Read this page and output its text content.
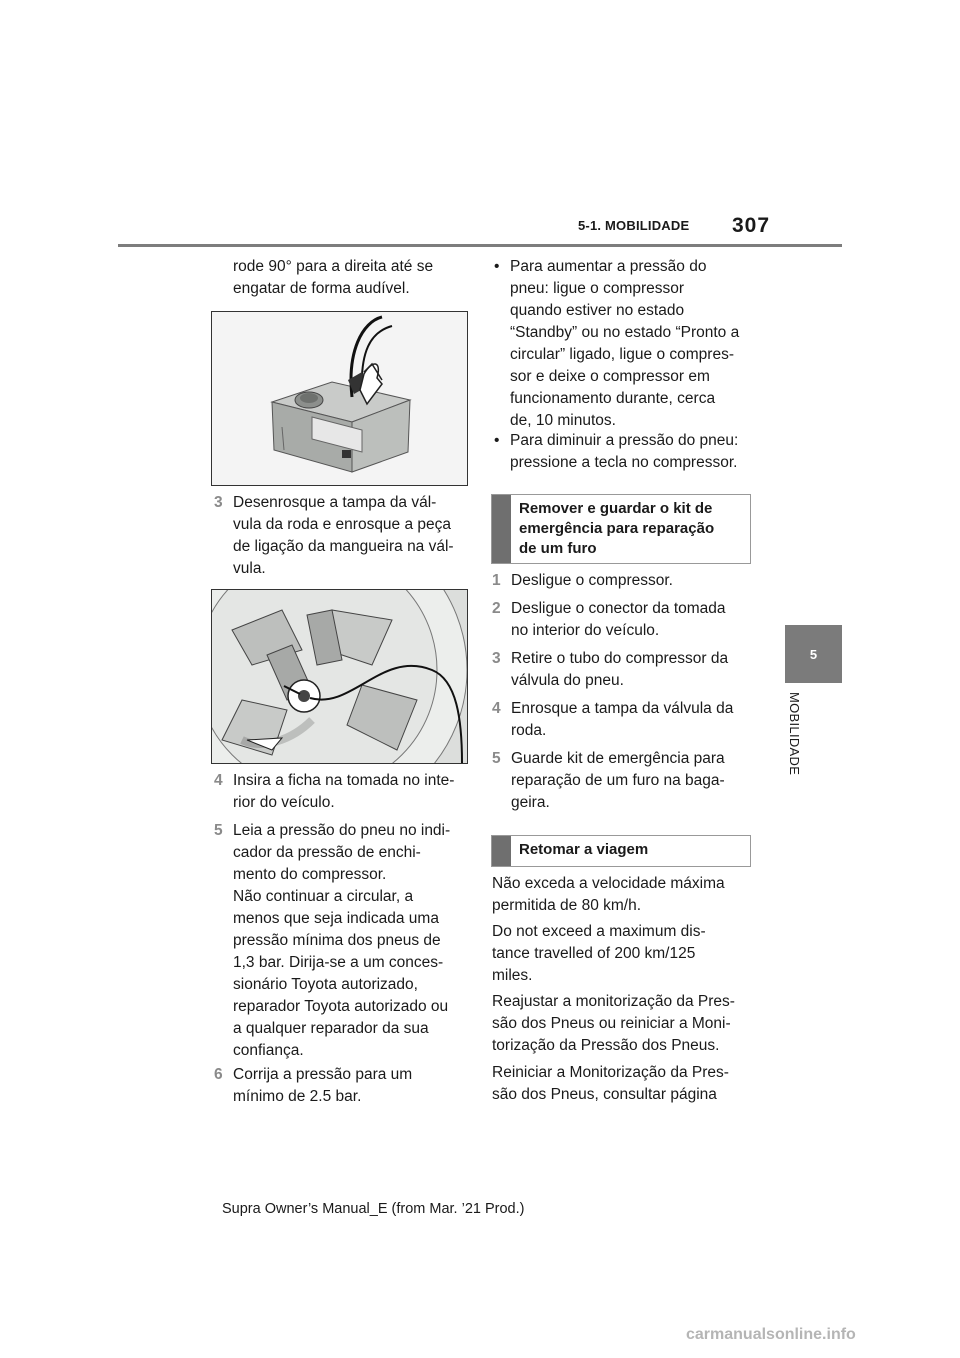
5-1. MOBILIDADE 307
5
MOBILIDADE
rode 90° para a direita até se
engatar de forma audível.
3 Desenrosque a tampa da vál-
vula da roda e enrosque a peça
de ligação da mangueira na vál-
vula.
4 Insira a ficha na tomada no inte-
rior do veículo.
5 Leia a pressão do pneu no indi-
cador da pressão de enchi-
mento do compressor.
Não continuar a circular, a
menos que seja indicada uma
pressão mínima dos pneus de
1,3 bar. Dirija-se a um conces-
sionário Toyota autorizado,
reparador Toyota autorizado ou
a qualquer reparador da sua
confiança.
6 Corrija a pressão para um
mínimo de 2.5 bar.
• Para aumentar a pressão do
pneu: ligue o compressor
quando estiver no estado
“Standby” ou no estado “Pronto a
circular” ligado, ligue o compres-
sor e deixe o compressor em
funcionamento durante, cerca
de, 10 minutos.
• Para diminuir a pressão do pneu:
pressione a tecla no compressor.
Remover e guardar o kit de
emergência para reparação
de um furo
1 Desligue o compressor.
2 Desligue o conector da tomada
no interior do veículo.
3 Retire o tubo do compressor da
válvula do pneu.
4 Enrosque a tampa da válvula da
roda.
5 Guarde kit de emergência para
reparação de um furo na baga-
geira.
Retomar a viagem
Não exceda a velocidade máxima
permitida de 80 km/h.
Do not exceed a maximum dis-
tance travelled of 200 km/125
miles.
Reajustar a monitorização da Pres-
são dos Pneus ou reiniciar a Moni-
torização da Pressão dos Pneus.
Reiniciar a Monitorização da Pres-
são dos Pneus, consultar página
Supra Owner’s Manual_E (from Mar. ’21 Prod.)
carmanualsonline.info
